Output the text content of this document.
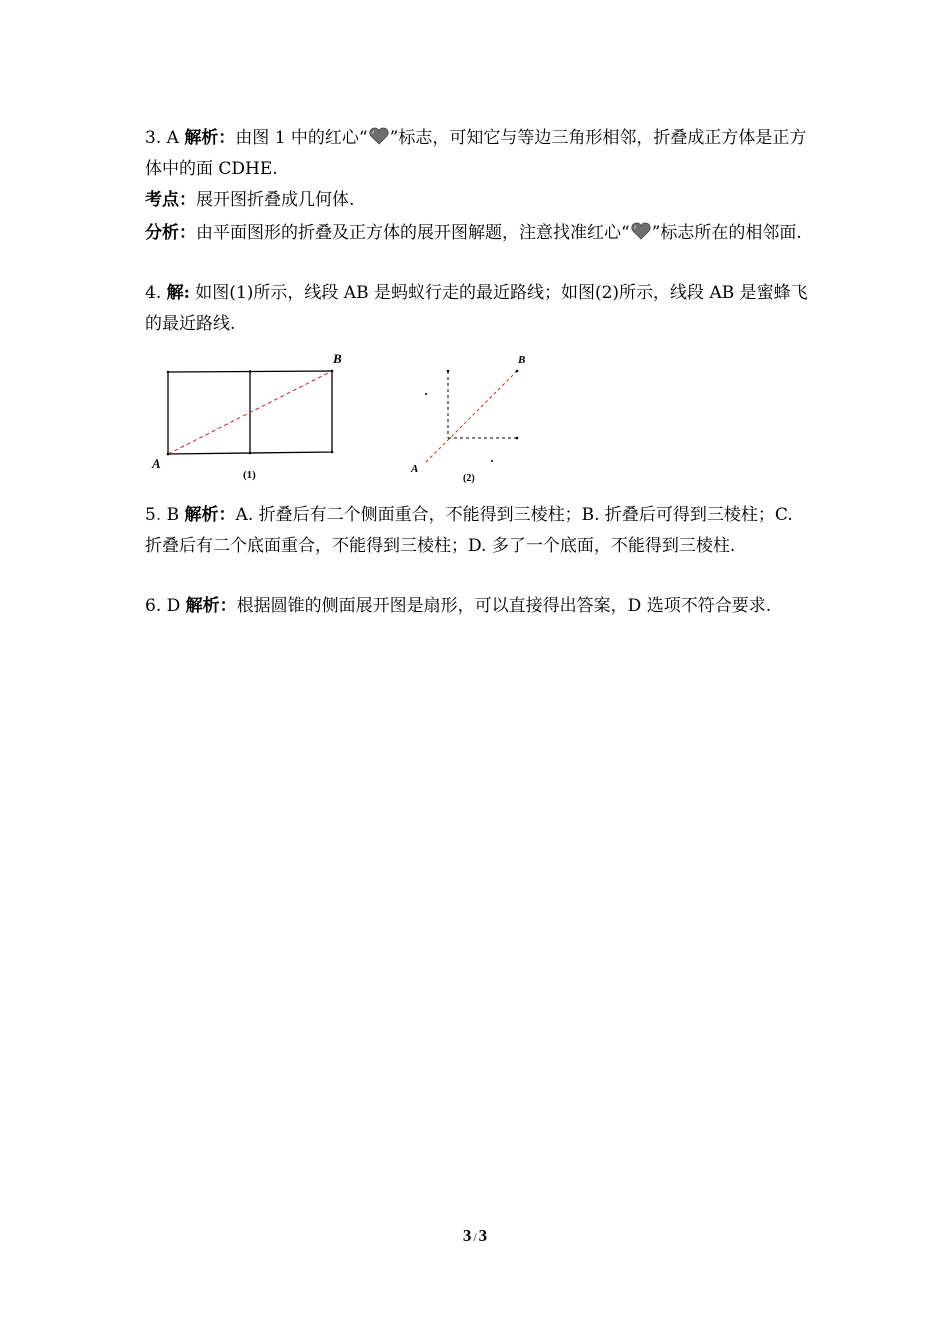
3. A 解析：由图 1 中的红心“ ”标志，可知它与等边三角形相邻，折叠成正方体是正方体中的面 CDHE.
考点：展开图折叠成几何体.
分析：由平面图形的折叠及正方体的展开图解题，注意找准红心“ ”标志所在的相邻面.
4. 解: 如图(1)所示，线段 AB 是蚂蚁行走的最近路线；如图(2)所示，线段 AB 是蜜蜂飞的最近路线.
B
A
(1)
B
A
(2)
5. B 解析：A. 折叠后有二个侧面重合，不能得到三棱柱；B. 折叠后可得到三棱柱；C. 折叠后有二个底面重合，不能得到三棱柱；D. 多了一个底面，不能得到三棱柱.
6. D 解析：根据圆锥的侧面展开图是扇形，可以直接得出答案，D 选项不符合要求.
3 / 3
